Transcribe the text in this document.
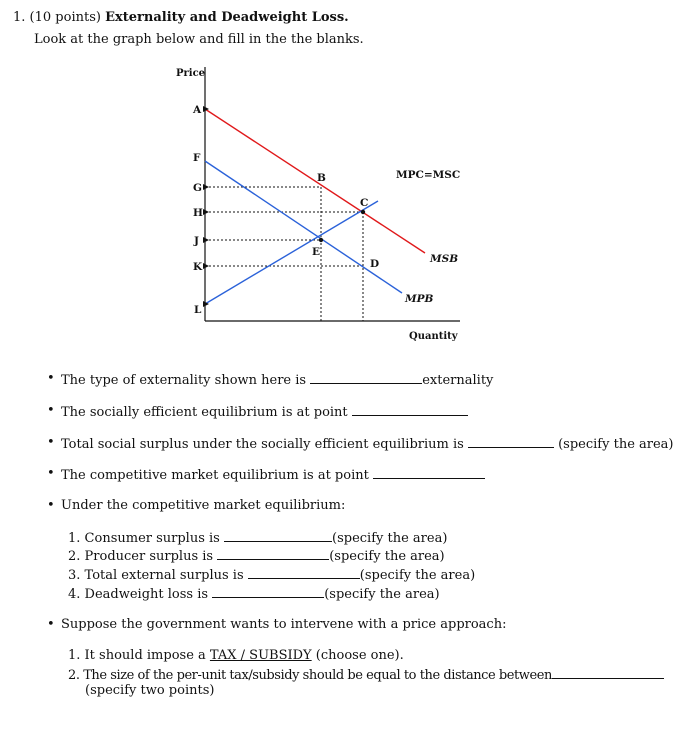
1. (10 points) Externality and Deadweight Loss.
Look at the graph below and fill in the the blanks.
Price
Quantity
A
F
G
H
J
K
L
B
C
D
E
MPC=MSC
MSB
MPB
• The type of externality shown here is	externality
• The socially efficient equilibrium is at point
• Total social surplus under the socially efficient equilibrium is	(specify the area)
• The competitive market equilibrium is at point
• Under the competitive market equilibrium:
1. Consumer surplus is	(specify the area)
2. Producer surplus is	(specify the area)
3. Total external surplus is	(specify the area)
4. Deadweight loss is	(specify the area)
• Suppose the government wants to intervene with a price approach:
1. It should impose a TAX / SUBSIDY (choose one).
2. The size of the per-unit tax/subsidy should be equal to the distance between
(specify two points)
